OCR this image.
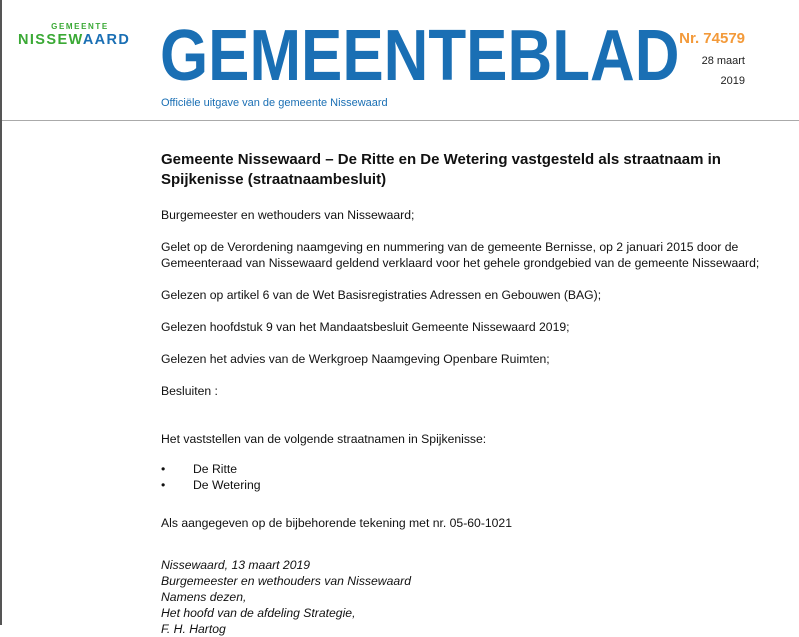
GEMEENTE
NISSEWAARD GEMEENTEBLAD
Officiële uitgave van de gemeente Nissewaard
Nr. 74579
28 maart
2019
Gemeente Nissewaard – De Ritte en De Wetering vastgesteld als straatnaam in Spijkenisse (straatnaambesluit)

Burgemeester en wethouders van Nissewaard;

Gelet op de Verordening naamgeving en nummering van de gemeente Bernisse, op 2 januari 2015 door de Gemeenteraad van Nissewaard geldend verklaard voor het gehele grondgebied van de gemeente Nissewaard;

Gelezen op artikel 6 van de Wet Basisregistraties Adressen en Gebouwen (BAG);

Gelezen hoofdstuk 9 van het Mandaatsbesluit Gemeente Nissewaard 2019;

Gelezen het advies van de Werkgroep Naamgeving Openbare Ruimten;

Besluiten :

Het vaststellen van de volgende straatnamen in Spijkenisse:

• De Ritte
• De Wetering

Als aangegeven op de bijbehorende tekening met nr. 05-60-1021

Nissewaard, 13 maart 2019

Burgemeester en wethouders van Nissewaard

Namens dezen,

Het hoofd van de afdeling Strategie,

F. H. Hartog
